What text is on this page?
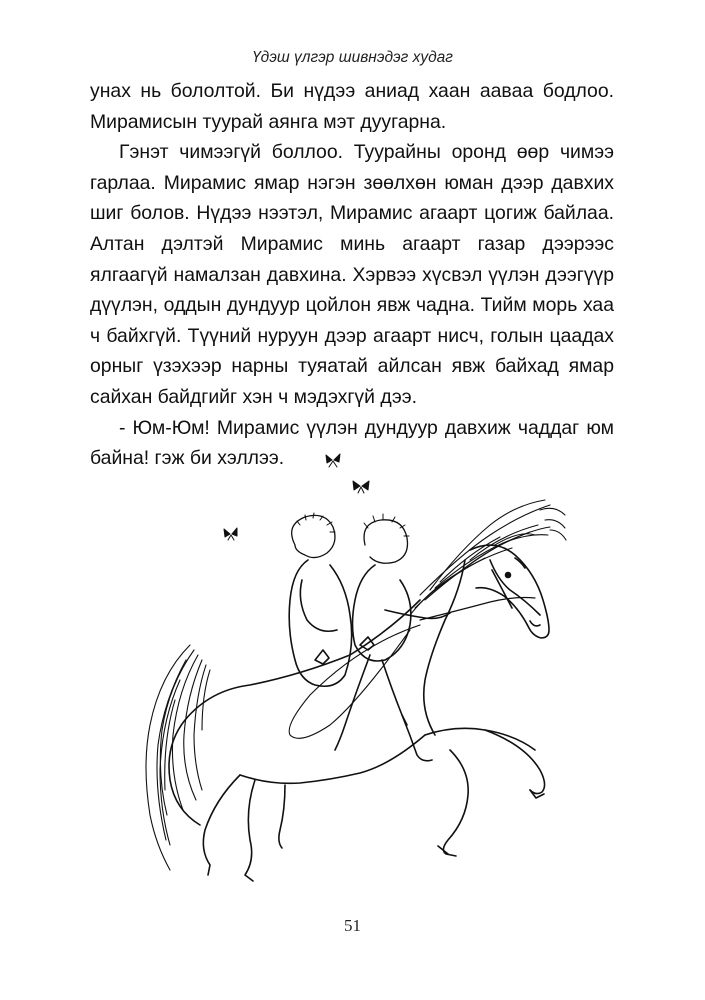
Үдэш үлгэр шивнэдэг худаг

унах нь бололтой. Би нүдээ аниад хаан аавaa бодлоо. Мирамисын туурай аянга мэт дуугарна.

Гэнэт чимээгүй боллоо. Туурайны оронд өөр чимээ гарлаа. Мирамис ямар нэгэн зөөлхөн юман дээр давхих шиг болов. Нүдээ нээтэл, Мирамис агаарт цогиж байлаа. Алтан дэлтэй Мирамис минь агаарт газар дээрээс ялгаагүй намалзан давхина. Хэрвээ хүсвэл үүлэн дээгүүр дүүлэн, оддын дундуур цойлон явж чадна. Тийм морь хаа ч байхгүй. Түүний нуруун дээр агаарт нисч, голын цаадах орныг үзэхээр нарны туяатай айлсан явж байхад ямар сайхан байдгийг хэн ч мэдэхгүй дээ.

- Юм-Юм! Мирамис үүлэн дундуур давхиж чаддаг юм байна! гэж би хэллээ.

51
